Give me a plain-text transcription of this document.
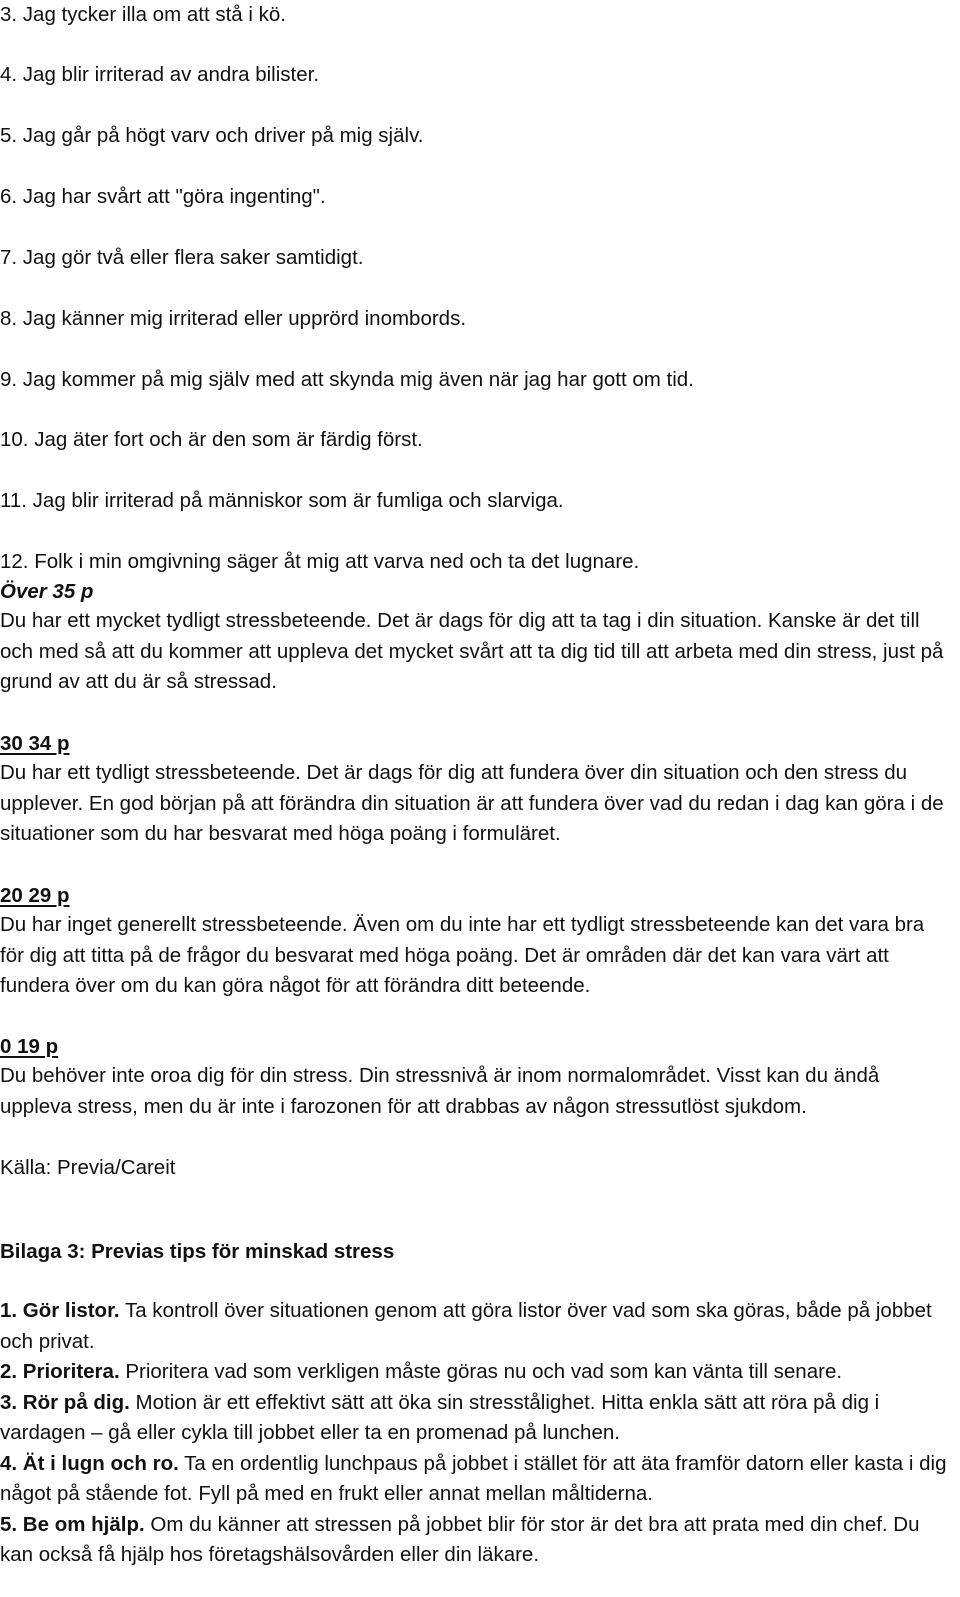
3. Jag tycker illa om att stå i kö.
4. Jag blir irriterad av andra bilister.
5. Jag går på högt varv och driver på mig själv.
6. Jag har svårt att "göra ingenting".
7. Jag gör två eller flera saker samtidigt.
8. Jag känner mig irriterad eller upprörd inombords.
9. Jag kommer på mig själv med att skynda mig även när jag har gott om tid.
10. Jag äter fort och är den som är färdig först.
11. Jag blir irriterad på människor som är fumliga och slarviga.
12. Folk i min omgivning säger åt mig att varva ned och ta det lugnare.
Över 35 p
Du har ett mycket tydligt stressbeteende. Det är dags för dig att ta tag i din situation. Kanske är det till och med så att du kommer att uppleva det mycket svårt att ta dig tid till att arbeta med din stress, just på grund av att du är så stressad.
30 34 p
Du har ett tydligt stressbeteende. Det är dags för dig att fundera över din situation och den stress du upplever. En god början på att förändra din situation är att fundera över vad du redan i dag kan göra i de situationer som du har besvarat med höga poäng i formuläret.
20 29 p
Du har inget generellt stressbeteende. Även om du inte har ett tydligt stressbeteende kan det vara bra för dig att titta på de frågor du besvarat med höga poäng. Det är områden där det kan vara värt att fundera över om du kan göra något för att förändra ditt beteende.
0 19 p
Du behöver inte oroa dig för din stress. Din stressnivå är inom normalområdet. Visst kan du ändå uppleva stress, men du är inte i farozonen för att drabbas av någon stressutlöst sjukdom.
Källa: Previa/Careit
Bilaga 3: Previas tips för minskad stress
1. Gör listor. Ta kontroll över situationen genom att göra listor över vad som ska göras, både på jobbet och privat.
2. Prioritera. Prioritera vad som verkligen måste göras nu och vad som kan vänta till senare.
3. Rör på dig. Motion är ett effektivt sätt att öka sin stresstålighet. Hitta enkla sätt att röra på dig i vardagen – gå eller cykla till jobbet eller ta en promenad på lunchen.
4. Ät i lugn och ro. Ta en ordentlig lunchpaus på jobbet i stället för att äta framför datorn eller kasta i dig något på stående fot. Fyll på med en frukt eller annat mellan måltiderna.
5. Be om hjälp. Om du känner att stressen på jobbet blir för stor är det bra att prata med din chef. Du kan också få hjälp hos företagshälsovården eller din läkare.
